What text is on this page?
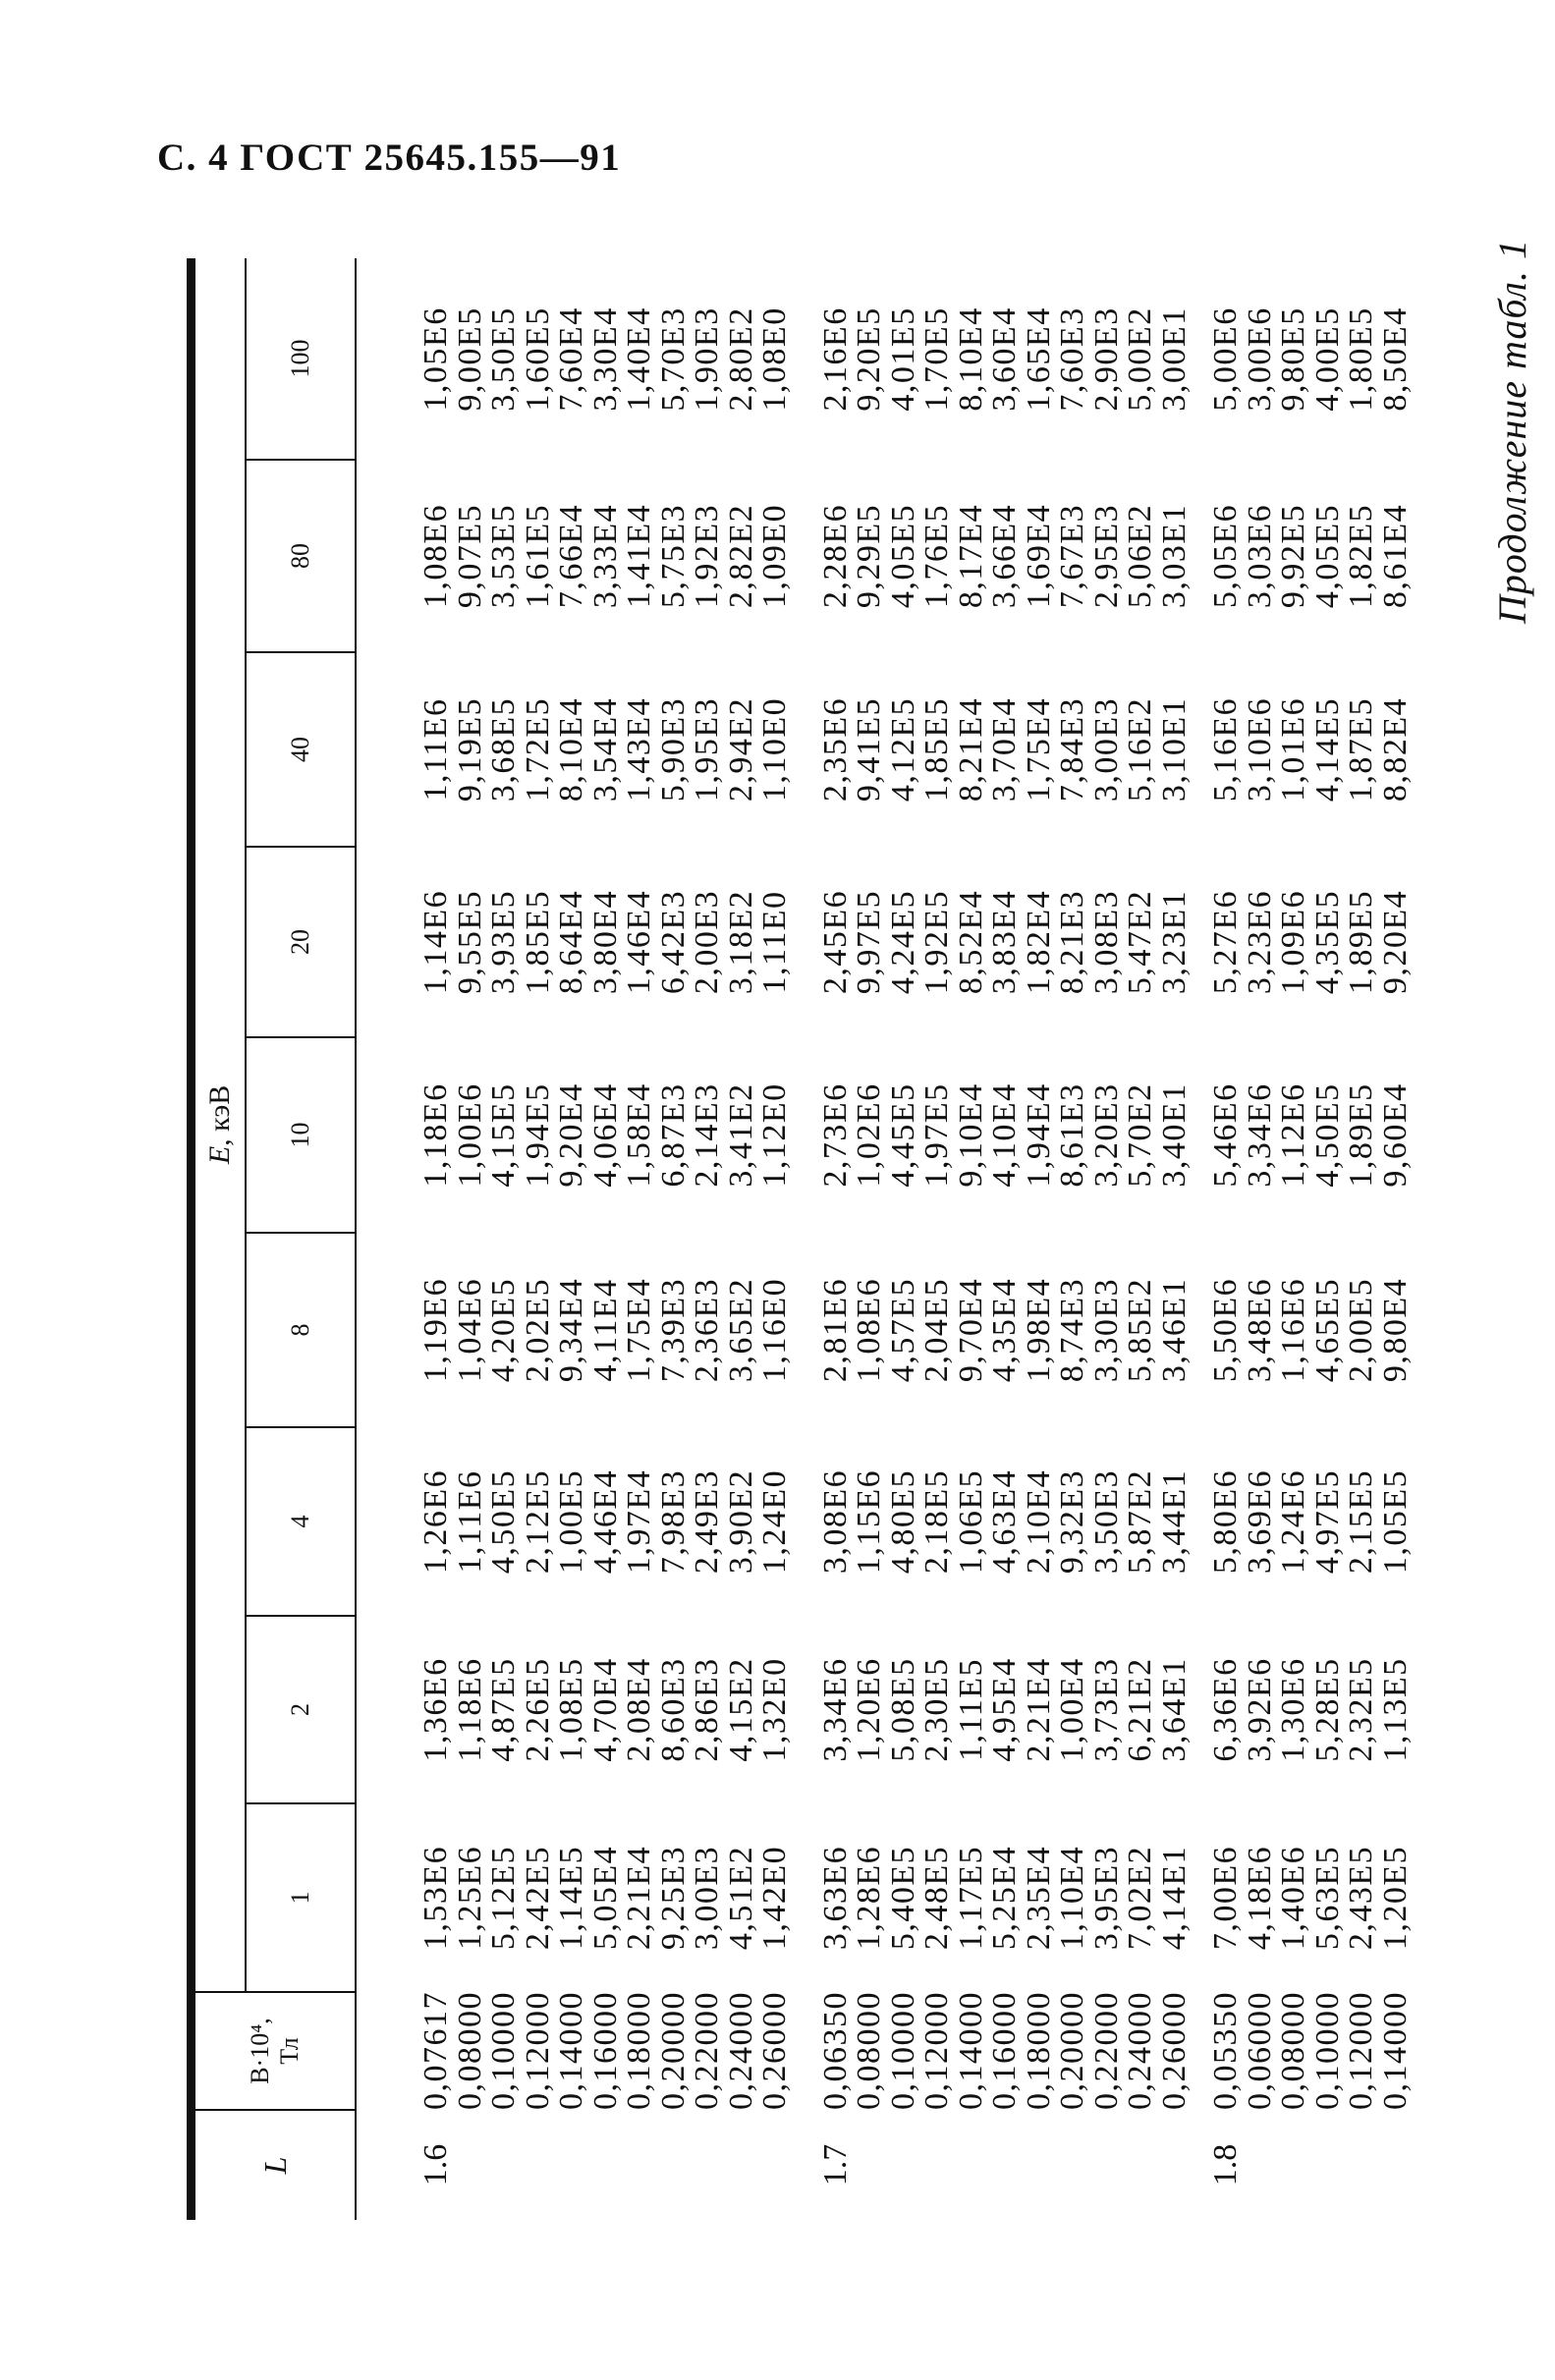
С. 4 ГОСТ 25645.155—91
Продолжение табл. 1
L	B·10⁴, Тл	E, кэВ								
		1	2	4	8	10	20	40	80	100

1.6	0,07617	1,53E6	1,36E6	1,26E6	1,19E6	1,18E6	1,14E6	1,11E6	1,08E6	1,05E6
	0,08000	1,25E6	1,18E6	1,11E6	1,04E6	1,00E6	9,55E5	9,19E5	9,07E5	9,00E5
	0,10000	5,12E5	4,87E5	4,50E5	4,20E5	4,15E5	3,93E5	3,68E5	3,53E5	3,50E5
	0,12000	2,42E5	2,26E5	2,12E5	2,02E5	1,94E5	1,85E5	1,72E5	1,61E5	1,60E5
	0,14000	1,14E5	1,08E5	1,00E5	9,34E4	9,20E4	8,64E4	8,10E4	7,66E4	7,60E4
	0,16000	5,05E4	4,70E4	4,46E4	4,11E4	4,06E4	3,80E4	3,54E4	3,33E4	3,30E4
	0,18000	2,21E4	2,08E4	1,97E4	1,75E4	1,58E4	1,46E4	1,43E4	1,41E4	1,40E4
	0,20000	9,25E3	8,60E3	7,98E3	7,39E3	6,87E3	6,42E3	5,90E3	5,75E3	5,70E3
	0,22000	3,00E3	2,86E3	2,49E3	2,36E3	2,14E3	2,00E3	1,95E3	1,92E3	1,90E3
	0,24000	4,51E2	4,15E2	3,90E2	3,65E2	3,41E2	3,18E2	2,94E2	2,82E2	2,80E2
	0,26000	1,42E0	1,32E0	1,24E0	1,16E0	1,12E0	1,11E0	1,10E0	1,09E0	1,08E0

1.7	0,06350	3,63E6	3,34E6	3,08E6	2,81E6	2,73E6	2,45E6	2,35E6	2,28E6	2,16E6
	0,08000	1,28E6	1,20E6	1,15E6	1,08E6	1,02E6	9,97E5	9,41E5	9,29E5	9,20E5
	0,10000	5,40E5	5,08E5	4,80E5	4,57E5	4,45E5	4,24E5	4,12E5	4,05E5	4,01E5
	0,12000	2,48E5	2,30E5	2,18E5	2,04E5	1,97E5	1,92E5	1,85E5	1,76E5	1,70E5
	0,14000	1,17E5	1,11E5	1,06E5	9,70E4	9,10E4	8,52E4	8,21E4	8,17E4	8,10E4
	0,16000	5,25E4	4,95E4	4,63E4	4,35E4	4,10E4	3,83E4	3,70E4	3,66E4	3,60E4
	0,18000	2,35E4	2,21E4	2,10E4	1,98E4	1,94E4	1,82E4	1,75E4	1,69E4	1,65E4
	0,20000	1,10E4	1,00E4	9,32E3	8,74E3	8,61E3	8,21E3	7,84E3	7,67E3	7,60E3
	0,22000	3,95E3	3,73E3	3,50E3	3,30E3	3,20E3	3,08E3	3,00E3	2,95E3	2,90E3
	0,24000	7,02E2	6,21E2	5,87E2	5,85E2	5,70E2	5,47E2	5,16E2	5,06E2	5,00E2
	0,26000	4,14E1	3,64E1	3,44E1	3,46E1	3,40E1	3,23E1	3,10E1	3,03E1	3,00E1

1.8	0,05350	7,00E6	6,36E6	5,80E6	5,50E6	5,46E6	5,27E6	5,16E6	5,05E6	5,00E6
	0,06000	4,18E6	3,92E6	3,69E6	3,48E6	3,34E6	3,23E6	3,10E6	3,03E6	3,00E6
	0,08000	1,40E6	1,30E6	1,24E6	1,16E6	1,12E6	1,09E6	1,01E6	9,92E5	9,80E5
	0,10000	5,63E5	5,28E5	4,97E5	4,65E5	4,50E5	4,35E5	4,14E5	4,05E5	4,00E5
	0,12000	2,43E5	2,32E5	2,15E5	2,00E5	1,89E5	1,89E5	1,87E5	1,82E5	1,80E5
	0,14000	1,20E5	1,13E5	1,05E5	9,80E4	9,60E4	9,20E4	8,82E4	8,61E4	8,50E4
